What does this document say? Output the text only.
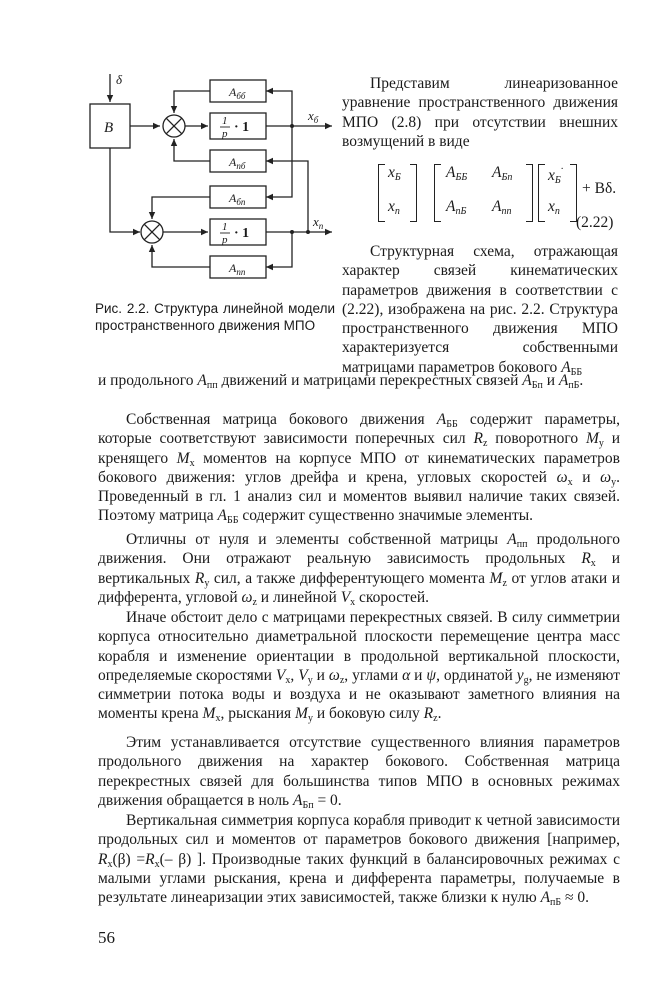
δ
B
$A_{бб}$
$A_{пб}$
$A_{бп}$
$A_{пп}$
1
p · 1
1
p · 1
$x_б$
$x_п$
Рис. 2.2. Структура линейной модели пространственного движения МПО

Представим линеаризованное уравнение пространственного движения МПО (2.8) при отсутствии внешних возмущений в виде

$x_Б$
$x_п$
$A_{ББ}$ $A_{Бп}$
$A_{пБ}$ $A_{пп}$
$x_Б^\cdot$
$x_п$
+ Bδ.
(2.22)

Структурная схема, отражающая характер связей кинематических параметров движения в соответствии с (2.22), изображена на рис. 2.2. Структура пространственного движения МПО характеризуется собственными матрицами параметров бокового $A_{ББ}$

и продольного $A_{пп}$ движений и матрицами перекрестных связей $A_{Бп}$ и $A_{пБ}$.

Собственная матрица бокового движения $A_{ББ}$ содержит параметры, которые соответствуют зависимости поперечных сил $R_z$ поворотного $M_y$ и кренящего $M_x$ моментов на корпусе МПО от кинематических параметров бокового движения: углов дрейфа и крена, угловых скоростей $\omega_x$ и $\omega_y$. Проведенный в гл. 1 анализ сил и моментов выявил наличие таких связей. Поэтому матрица $A_{ББ}$ содержит существенно значимые элементы.

Отличны от нуля и элементы собственной матрицы $A_{пп}$ продольного движения. Они отражают реальную зависимость продольных $R_x$ и вертикальных $R_y$ сил, а также дифферентующего момента $M_z$ от углов атаки и дифферента, угловой $\omega_z$ и линейной $V_x$ скоростей.

Иначе обстоит дело с матрицами перекрестных связей. В силу симметрии корпуса относительно диаметральной плоскости перемещение центра масс корабля и изменение ориентации в продольной вертикальной плоскости, определяемые скоростями $V_x$, $V_y$ и $\omega_z$, углами α и ψ, ординатой $y_g$, не изменяют симметрии потока воды и воздуха и не оказывают заметного влияния на моменты крена $M_x$, рыскания $M_y$ и боковую силу $R_z$.

Этим устанавливается отсутствие существенного влияния параметров продольного движения на характер бокового. Собственная матрица перекрестных связей для большинства типов МПО в основных режимах движения обращается в ноль $A_{Бп} = 0$.

Вертикальная симметрия корпуса корабля приводит к четной зависимости продольных сил и моментов от параметров бокового движения [например, $R_x(\beta) =R_x(-$ β) ]. Производные таких функций в балансировочных режимах с малыми углами рыскания, крена и дифферента параметры, получаемые в результате линеаризации этих зависимостей, также близки к нулю $A_{пБ} \approx 0$.

56
